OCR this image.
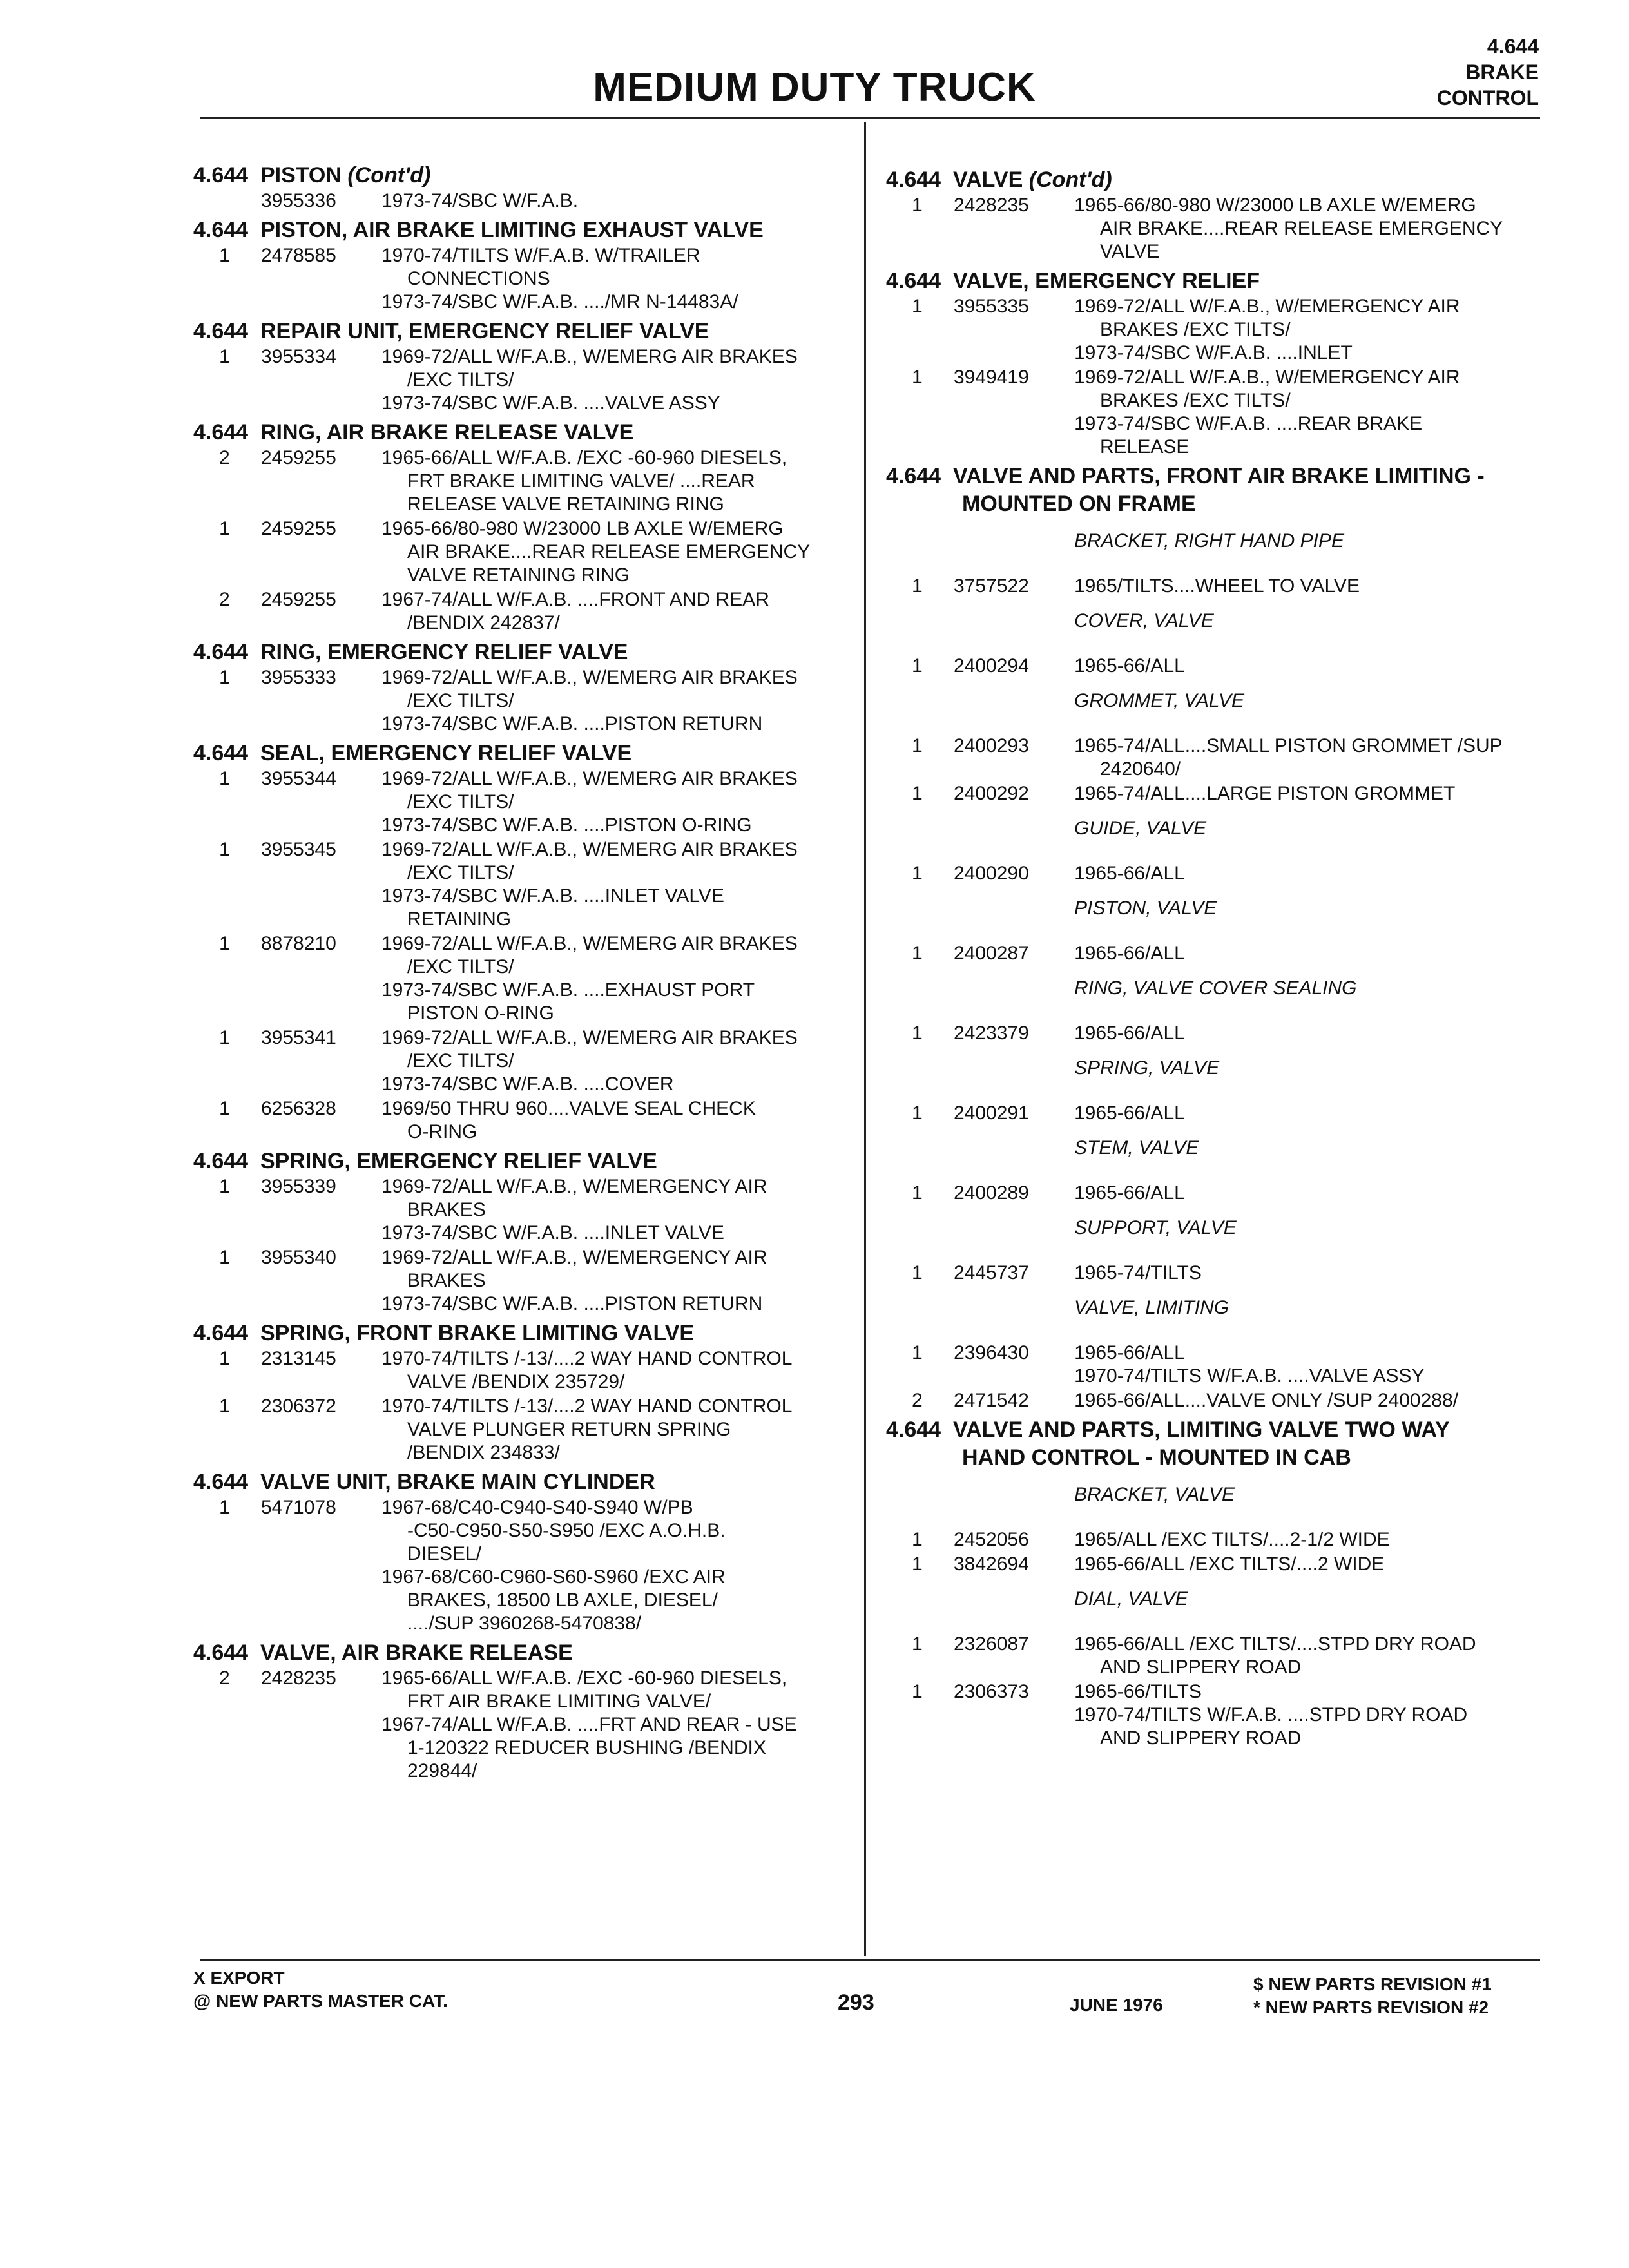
MEDIUM DUTY TRUCK
4.644
BRAKE
CONTROL
4.644  PISTON (Cont'd)
3955336 1973-74/SBC W/F.A.B.
4.644  PISTON, AIR BRAKE LIMITING EXHAUST VALVE
1 2478585 1970-74/TILTS W/F.A.B. W/TRAILER
CONNECTIONS
1973-74/SBC W/F.A.B. ..../MR N-14483A/
4.644  REPAIR UNIT, EMERGENCY RELIEF VALVE
1 3955334 1969-72/ALL W/F.A.B., W/EMERG AIR BRAKES
/EXC TILTS/
1973-74/SBC W/F.A.B. ....VALVE ASSY
4.644  RING, AIR BRAKE RELEASE VALVE
2 2459255 1965-66/ALL W/F.A.B. /EXC -60-960 DIESELS,
FRT BRAKE LIMITING VALVE/ ....REAR
RELEASE VALVE RETAINING RING
1 2459255 1965-66/80-980 W/23000 LB AXLE W/EMERG
AIR BRAKE....REAR RELEASE EMERGENCY
VALVE RETAINING RING
2 2459255 1967-74/ALL W/F.A.B. ....FRONT AND REAR
/BENDIX 242837/
4.644  RING, EMERGENCY RELIEF VALVE
1 3955333 1969-72/ALL W/F.A.B., W/EMERG AIR BRAKES
/EXC TILTS/
1973-74/SBC W/F.A.B. ....PISTON RETURN
4.644  SEAL, EMERGENCY RELIEF VALVE
1 3955344 1969-72/ALL W/F.A.B., W/EMERG AIR BRAKES
/EXC TILTS/
1973-74/SBC W/F.A.B. ....PISTON O-RING
1 3955345 1969-72/ALL W/F.A.B., W/EMERG AIR BRAKES
/EXC TILTS/
1973-74/SBC W/F.A.B. ....INLET VALVE
RETAINING
1 8878210 1969-72/ALL W/F.A.B., W/EMERG AIR BRAKES
/EXC TILTS/
1973-74/SBC W/F.A.B. ....EXHAUST PORT
PISTON O-RING
1 3955341 1969-72/ALL W/F.A.B., W/EMERG AIR BRAKES
/EXC TILTS/
1973-74/SBC W/F.A.B. ....COVER
1 6256328 1969/50 THRU 960....VALVE SEAL CHECK
O-RING
4.644  SPRING, EMERGENCY RELIEF VALVE
1 3955339 1969-72/ALL W/F.A.B., W/EMERGENCY AIR
BRAKES
1973-74/SBC W/F.A.B. ....INLET VALVE
1 3955340 1969-72/ALL W/F.A.B., W/EMERGENCY AIR
BRAKES
1973-74/SBC W/F.A.B. ....PISTON RETURN
4.644  SPRING, FRONT BRAKE LIMITING VALVE
1 2313145 1970-74/TILTS /-13/....2 WAY HAND CONTROL
VALVE /BENDIX 235729/
1 2306372 1970-74/TILTS /-13/....2 WAY HAND CONTROL
VALVE PLUNGER RETURN SPRING
/BENDIX 234833/
4.644  VALVE UNIT, BRAKE MAIN CYLINDER
1 5471078 1967-68/C40-C940-S40-S940 W/PB
-C50-C950-S50-S950 /EXC A.O.H.B.
DIESEL/
1967-68/C60-C960-S60-S960 /EXC AIR
BRAKES, 18500 LB AXLE, DIESEL/
..../SUP 3960268-5470838/
4.644  VALVE, AIR BRAKE RELEASE
2 2428235 1965-66/ALL W/F.A.B. /EXC -60-960 DIESELS,
FRT AIR BRAKE LIMITING VALVE/
1967-74/ALL W/F.A.B. ....FRT AND REAR - USE
1-120322 REDUCER BUSHING /BENDIX
229844/
4.644  VALVE (Cont'd)
1 2428235 1965-66/80-980 W/23000 LB AXLE W/EMERG
AIR BRAKE....REAR RELEASE EMERGENCY
VALVE
4.644  VALVE, EMERGENCY RELIEF
1 3955335 1969-72/ALL W/F.A.B., W/EMERGENCY AIR
BRAKES /EXC TILTS/
1973-74/SBC W/F.A.B. ....INLET
1 3949419 1969-72/ALL W/F.A.B., W/EMERGENCY AIR
BRAKES /EXC TILTS/
1973-74/SBC W/F.A.B. ....REAR BRAKE
RELEASE
4.644  VALVE AND PARTS, FRONT AIR BRAKE LIMITING -
MOUNTED ON FRAME
BRACKET, RIGHT HAND PIPE
1 3757522 1965/TILTS....WHEEL TO VALVE
COVER, VALVE
1 2400294 1965-66/ALL
GROMMET, VALVE
1 2400293 1965-74/ALL....SMALL PISTON GROMMET /SUP
2420640/
1 2400292 1965-74/ALL....LARGE PISTON GROMMET
GUIDE, VALVE
1 2400290 1965-66/ALL
PISTON, VALVE
1 2400287 1965-66/ALL
RING, VALVE COVER SEALING
1 2423379 1965-66/ALL
SPRING, VALVE
1 2400291 1965-66/ALL
STEM, VALVE
1 2400289 1965-66/ALL
SUPPORT, VALVE
1 2445737 1965-74/TILTS
VALVE, LIMITING
1 2396430 1965-66/ALL
1970-74/TILTS W/F.A.B. ....VALVE ASSY
2 2471542 1965-66/ALL....VALVE ONLY /SUP 2400288/
4.644  VALVE AND PARTS, LIMITING VALVE TWO WAY
HAND CONTROL - MOUNTED IN CAB
BRACKET, VALVE
1 2452056 1965/ALL /EXC TILTS/....2-1/2 WIDE
1 3842694 1965-66/ALL /EXC TILTS/....2 WIDE
DIAL, VALVE
1 2326087 1965-66/ALL /EXC TILTS/....STPD DRY ROAD
AND SLIPPERY ROAD
1 2306373 1965-66/TILTS
1970-74/TILTS W/F.A.B. ....STPD DRY ROAD
AND SLIPPERY ROAD
X EXPORT
@ NEW PARTS MASTER CAT.	293	JUNE 1976
$ NEW PARTS REVISION #1
* NEW PARTS REVISION #2
